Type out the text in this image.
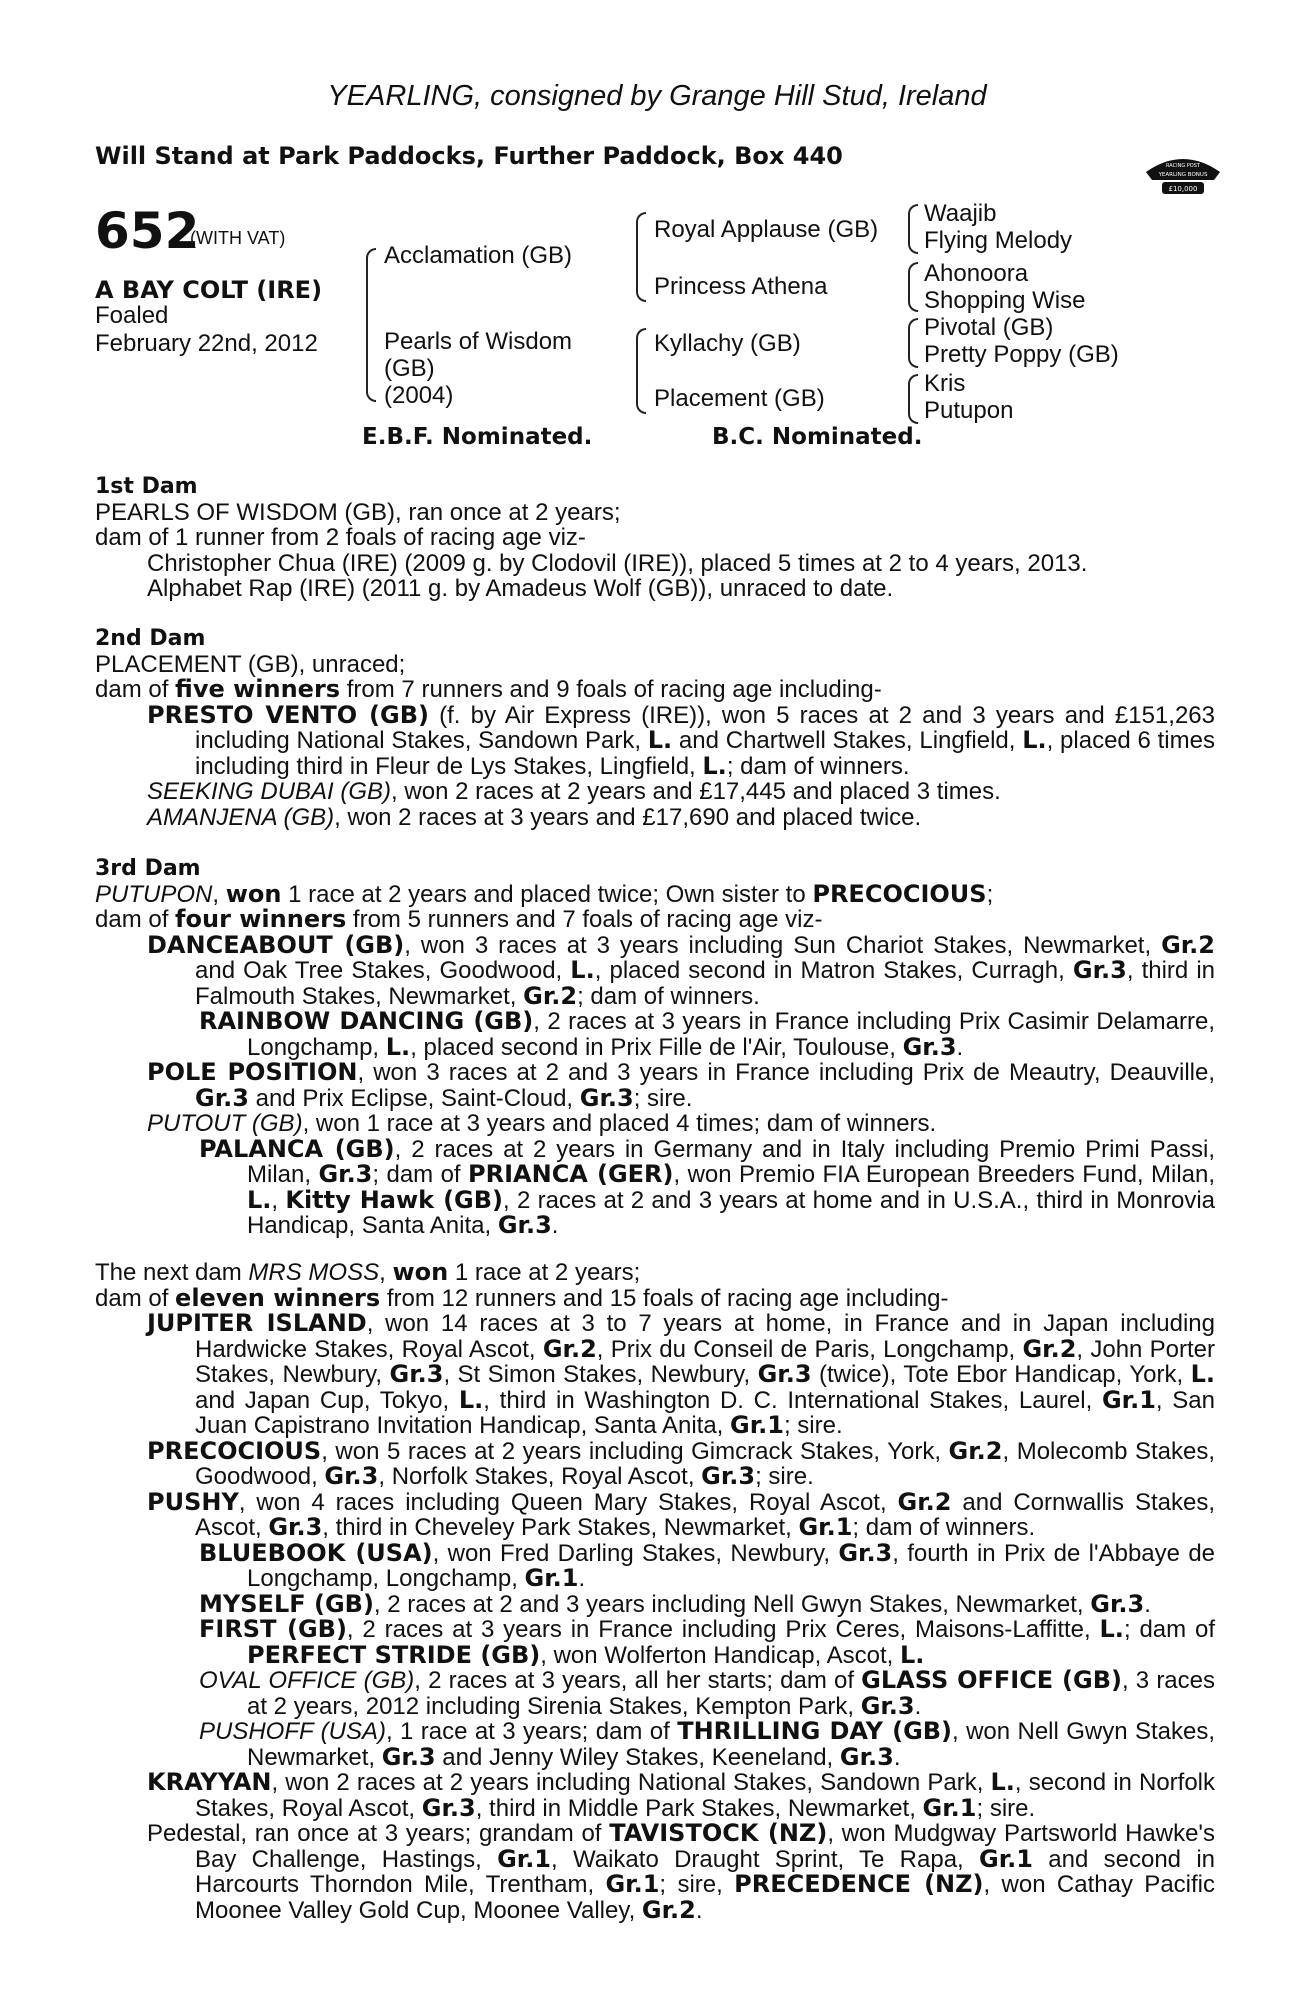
YEARLING, consigned by Grange Hill Stud, Ireland
Will Stand at Park Paddocks, Further Paddock, Box 440	RACING POST
YEARLING BONUS
£10,000
652
(WITH VAT)
A BAY COLT (IRE)
Foaled
February 22nd, 2012
Acclamation (GB)
Pearls of Wisdom
(GB)
(2004)
Royal Applause (GB)
Princess Athena
Kyllachy (GB)
Placement (GB)
Waajib
Flying Melody
Ahonoora
Shopping Wise
Pivotal (GB)
Pretty Poppy (GB)
Kris
Putupon
E.B.F. Nominated.	B.C. Nominated.

1st Dam

PEARLS OF WISDOM (GB), ran once at 2 years;

dam of 1 runner from 2 foals of racing age viz-

Christopher Chua (IRE) (2009 g. by Clodovil (IRE)), placed 5 times at 2 to 4 years, 2013.

Alphabet Rap (IRE) (2011 g. by Amadeus Wolf (GB)), unraced to date.

2nd Dam

PLACEMENT (GB), unraced;

dam of five winners from 7 runners and 9 foals of racing age including-

PRESTO VENTO (GB) (f. by Air Express (IRE)), won 5 races at 2 and 3 years and £151,263 including National Stakes, Sandown Park, L. and Chartwell Stakes, Lingfield, L., placed 6 times including third in Fleur de Lys Stakes, Lingfield, L.; dam of winners.

SEEKING DUBAI (GB), won 2 races at 2 years and £17,445 and placed 3 times.

AMANJENA (GB), won 2 races at 3 years and £17,690 and placed twice.

3rd Dam

PUTUPON, won 1 race at 2 years and placed twice; Own sister to PRECOCIOUS;

dam of four winners from 5 runners and 7 foals of racing age viz-

DANCEABOUT (GB), won 3 races at 3 years including Sun Chariot Stakes, Newmarket, Gr.2 and Oak Tree Stakes, Goodwood, L., placed second in Matron Stakes, Curragh, Gr.3, third in Falmouth Stakes, Newmarket, Gr.2; dam of winners.

RAINBOW DANCING (GB), 2 races at 3 years in France including Prix Casimir Delamarre, Longchamp, L., placed second in Prix Fille de l'Air, Toulouse, Gr.3.

POLE POSITION, won 3 races at 2 and 3 years in France including Prix de Meautry, Deauville, Gr.3 and Prix Eclipse, Saint-Cloud, Gr.3; sire.

PUTOUT (GB), won 1 race at 3 years and placed 4 times; dam of winners.

PALANCA (GB), 2 races at 2 years in Germany and in Italy including Premio Primi Passi, Milan, Gr.3; dam of PRIANCA (GER), won Premio FIA European Breeders Fund, Milan, L., Kitty Hawk (GB), 2 races at 2 and 3 years at home and in U.S.A., third in Monrovia Handicap, Santa Anita, Gr.3.

The next dam MRS MOSS, won 1 race at 2 years;

dam of eleven winners from 12 runners and 15 foals of racing age including-

JUPITER ISLAND, won 14 races at 3 to 7 years at home, in France and in Japan including Hardwicke Stakes, Royal Ascot, Gr.2, Prix du Conseil de Paris, Longchamp, Gr.2, John Porter Stakes, Newbury, Gr.3, St Simon Stakes, Newbury, Gr.3 (twice), Tote Ebor Handicap, York, L. and Japan Cup, Tokyo, L., third in Washington D. C. International Stakes, Laurel, Gr.1, San Juan Capistrano Invitation Handicap, Santa Anita, Gr.1; sire.

PRECOCIOUS, won 5 races at 2 years including Gimcrack Stakes, York, Gr.2, Molecomb Stakes, Goodwood, Gr.3, Norfolk Stakes, Royal Ascot, Gr.3; sire.

PUSHY, won 4 races including Queen Mary Stakes, Royal Ascot, Gr.2 and Cornwallis Stakes, Ascot, Gr.3, third in Cheveley Park Stakes, Newmarket, Gr.1; dam of winners.

BLUEBOOK (USA), won Fred Darling Stakes, Newbury, Gr.3, fourth in Prix de l'Abbaye de Longchamp, Longchamp, Gr.1.

MYSELF (GB), 2 races at 2 and 3 years including Nell Gwyn Stakes, Newmarket, Gr.3.

FIRST (GB), 2 races at 3 years in France including Prix Ceres, Maisons-Laffitte, L.; dam of PERFECT STRIDE (GB), won Wolferton Handicap, Ascot, L.

OVAL OFFICE (GB), 2 races at 3 years, all her starts; dam of GLASS OFFICE (GB), 3 races at 2 years, 2012 including Sirenia Stakes, Kempton Park, Gr.3.

PUSHOFF (USA), 1 race at 3 years; dam of THRILLING DAY (GB), won Nell Gwyn Stakes, Newmarket, Gr.3 and Jenny Wiley Stakes, Keeneland, Gr.3.

KRAYYAN, won 2 races at 2 years including National Stakes, Sandown Park, L., second in Norfolk Stakes, Royal Ascot, Gr.3, third in Middle Park Stakes, Newmarket, Gr.1; sire.

Pedestal, ran once at 3 years; grandam of TAVISTOCK (NZ), won Mudgway Partsworld Hawke's Bay Challenge, Hastings, Gr.1, Waikato Draught Sprint, Te Rapa, Gr.1 and second in Harcourts Thorndon Mile, Trentham, Gr.1; sire, PRECEDENCE (NZ), won Cathay Pacific Moonee Valley Gold Cup, Moonee Valley, Gr.2.
